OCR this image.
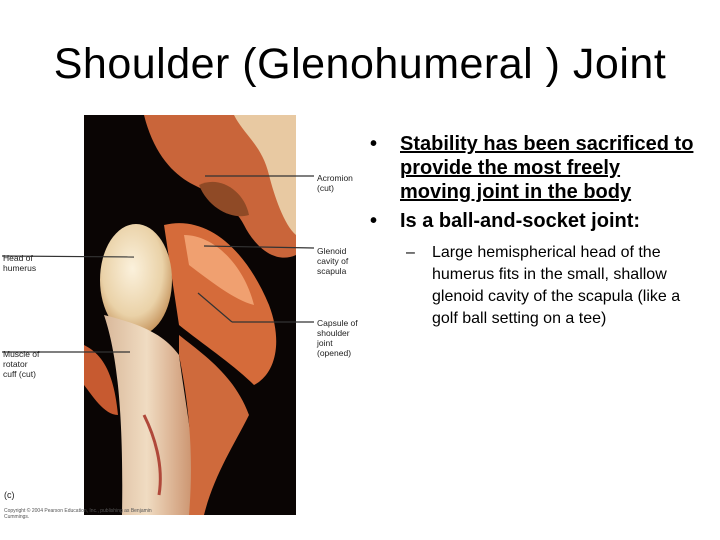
Shoulder (Glenohumeral ) Joint
Acromion
(cut)
Glenoid
cavity of
scapula
Capsule of
shoulder
joint
(opened)
Head of
humerus
Muscle of
rotator
cuff (cut)
(c)
Copyright © 2004 Pearson Education, Inc., publishing as Benjamin Cummings.
• Stability has been sacrificed to provide the most freely moving joint in the body
• Is a ball-and-socket joint:
– Large hemispherical head of the humerus fits in the small, shallow glenoid cavity of the scapula (like a golf ball setting on a tee)
